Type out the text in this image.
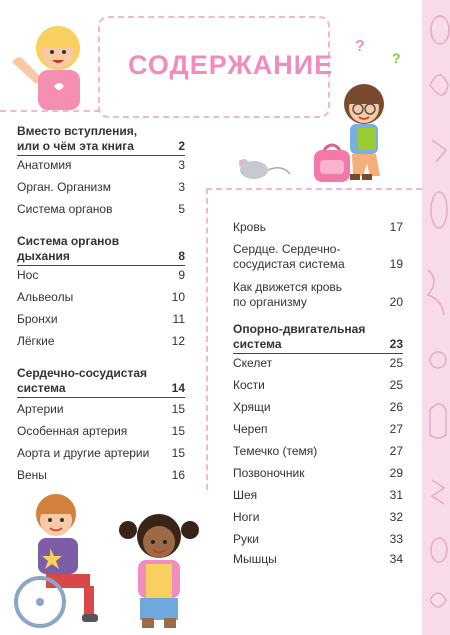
СОДЕРЖАНИЕ
?
?
Вместо вступления,
или о чём эта книга	2
Анатомия	3
Орган. Организм	3
Система органов	5
Система органов
дыхания	8
Нос	9
Альвеолы	10
Бронхи	11
Лёгкие	12
Сердечно-сосудистая
система	14
Артерии	15
Особенная артерия	15
Аорта и другие артерии	15
Вены	16
Кровь	17
Сердце. Сердечно-
сосудистая система	19
Как движется кровь
по организму	20
Опорно-двигательная
система	23
Скелет	25
Кости	25
Хрящи	26
Череп	27
Темечко (темя)	27
Позвоночник	29
Шея	31
Ноги	32
Руки	33
Мышцы	34
